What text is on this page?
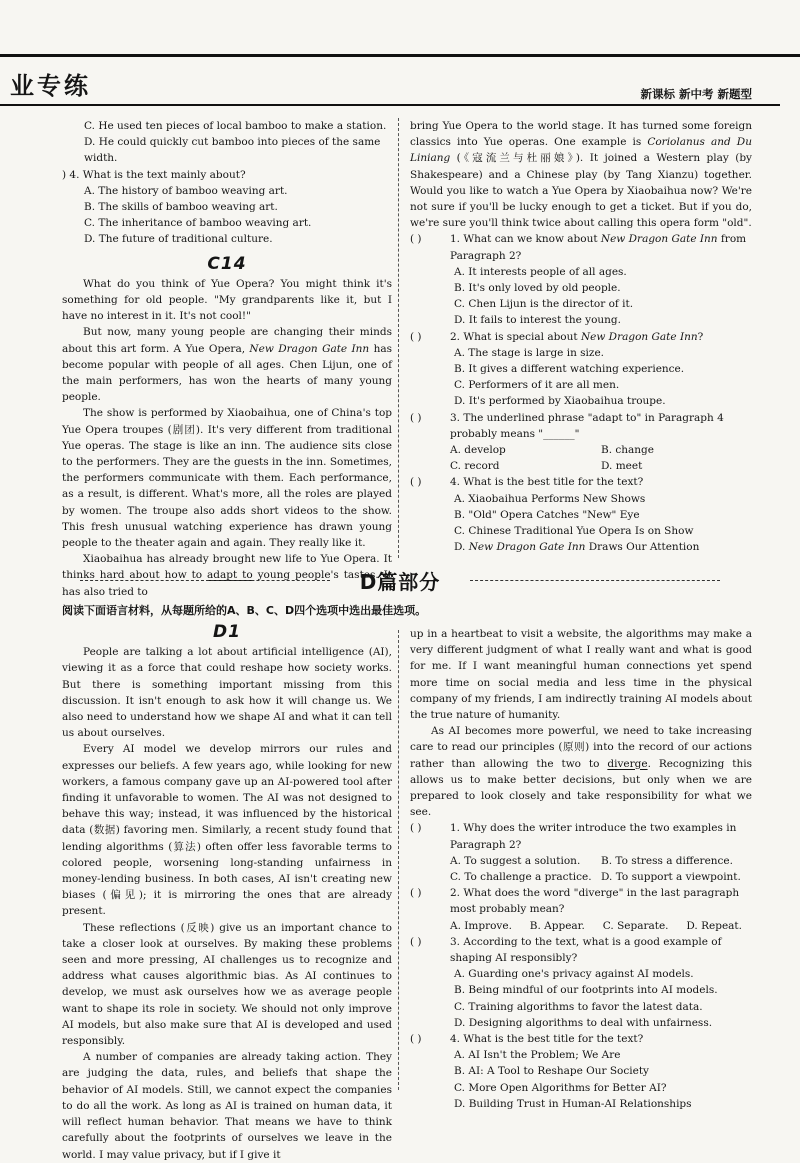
业专练	新课标 新中考 新题型
C. He used ten pieces of local bamboo to make a station.
D. He could quickly cut bamboo into pieces of the same width.
) 4. What is the text mainly about?
A. The history of bamboo weaving art.
B. The skills of bamboo weaving art.
C. The inheritance of bamboo weaving art.
D. The future of traditional culture.
C14

What do you think of Yue Opera? You might think it's something for old people. "My grandparents like it, but I have no interest in it. It's not cool!"

But now, many young people are changing their minds about this art form. A Yue Opera, New Dragon Gate Inn has become popular with people of all ages. Chen Lijun, one of the main performers, has won the hearts of many young people.

The show is performed by Xiaobaihua, one of China's top Yue Opera troupes (剧团). It's very different from traditional Yue operas. The stage is like an inn. The audience sits close to the performers. They are the guests in the inn. Sometimes, the performers communicate with them. Each performance, as a result, is different. What's more, all the roles are played by women. The troupe also adds short videos to the show. This fresh unusual watching experience has drawn young people to the theater again and again. They really like it.

Xiaobaihua has already brought new life to Yue Opera. It thinks hard about how to adapt to young people's tastes. It has also tried to

bring Yue Opera to the world stage. It has turned some foreign classics into Yue operas. One example is Coriolanus and Du Liniang (《寇流兰与杜丽娘》). It joined a Western play (by Shakespeare) and a Chinese play (by Tang Xianzu) together. Would you like to watch a Yue Opera by Xiaobaihua now? We're not sure if you'll be lucky enough to get a ticket. But if you do, we're sure you'll think twice about calling this opera form "old".

( )	1. What can we know about New Dragon Gate Inn from Paragraph 2?
A. It interests people of all ages.
B. It's only loved by old people.
C. Chen Lijun is the director of it.
D. It fails to interest the young.
( )	2. What is special about New Dragon Gate Inn?
A. The stage is large in size.
B. It gives a different watching experience.
C. Performers of it are all men.
D. It's performed by Xiaobaihua troupe.
( )	3. The underlined phrase "adapt to" in Paragraph 4 probably means "______"
A. develop	B. change
C. record	D. meet
( )	4. What is the best title for the text?
A. Xiaobaihua Performs New Shows
B. "Old" Opera Catches "New" Eye
C. Chinese Traditional Yue Opera Is on Show
D. New Dragon Gate Inn Draws Our Attention
D篇部分
阅读下面语言材料，从每题所给的A、B、C、D四个选项中选出最佳选项。
D1

People are talking a lot about artificial intelligence (AI), viewing it as a force that could reshape how society works. But there is something important missing from this discussion. It isn't enough to ask how it will change us. We also need to understand how we shape AI and what it can tell us about ourselves.

Every AI model we develop mirrors our rules and expresses our beliefs. A few years ago, while looking for new workers, a famous company gave up an AI-powered tool after finding it unfavorable to women. The AI was not designed to behave this way; instead, it was influenced by the historical data (数据) favoring men. Similarly, a recent study found that lending algorithms (算法) often offer less favorable terms to colored people, worsening long-standing unfairness in money-lending business. In both cases, AI isn't creating new biases (偏见); it is mirroring the ones that are already present.

These reflections (反映) give us an important chance to take a closer look at ourselves. By making these problems seen and more pressing, AI challenges us to recognize and address what causes algorithmic bias. As AI continues to develop, we must ask ourselves how we as average people want to shape its role in society. We should not only improve AI models, but also make sure that AI is developed and used responsibly.

A number of companies are already taking action. They are judging the data, rules, and beliefs that shape the behavior of AI models. Still, we cannot expect the companies to do all the work. As long as AI is trained on human data, it will reflect human behavior. That means we have to think carefully about the footprints of ourselves we leave in the world. I may value privacy, but if I give it

up in a heartbeat to visit a website, the algorithms may make a very different judgment of what I really want and what is good for me. If I want meaningful human connections yet spend more time on social media and less time in the physical company of my friends, I am indirectly training AI models about the true nature of humanity.

As AI becomes more powerful, we need to take increasing care to read our principles (原则) into the record of our actions rather than allowing the two to diverge. Recognizing this allows us to make better decisions, but only when we are prepared to look closely and take responsibility for what we see.

( )	1. Why does the writer introduce the two examples in Paragraph 2?
A. To suggest a solution.	B. To stress a difference.
C. To challenge a practice. D. To support a viewpoint.
( )	2. What does the word "diverge" in the last paragraph most probably mean?
A. Improve. B. Appear. C. Separate. D. Repeat.
( )	3. According to the text, what is a good example of shaping AI responsibly?
A. Guarding one's privacy against AI models.
B. Being mindful of our footprints into AI models.
C. Training algorithms to favor the latest data.
D. Designing algorithms to deal with unfairness.
( )	4. What is the best title for the text?
A. AI Isn't the Problem; We Are
B. AI: A Tool to Reshape Our Society
C. More Open Algorithms for Better AI?
D. Building Trust in Human-AI Relationships
